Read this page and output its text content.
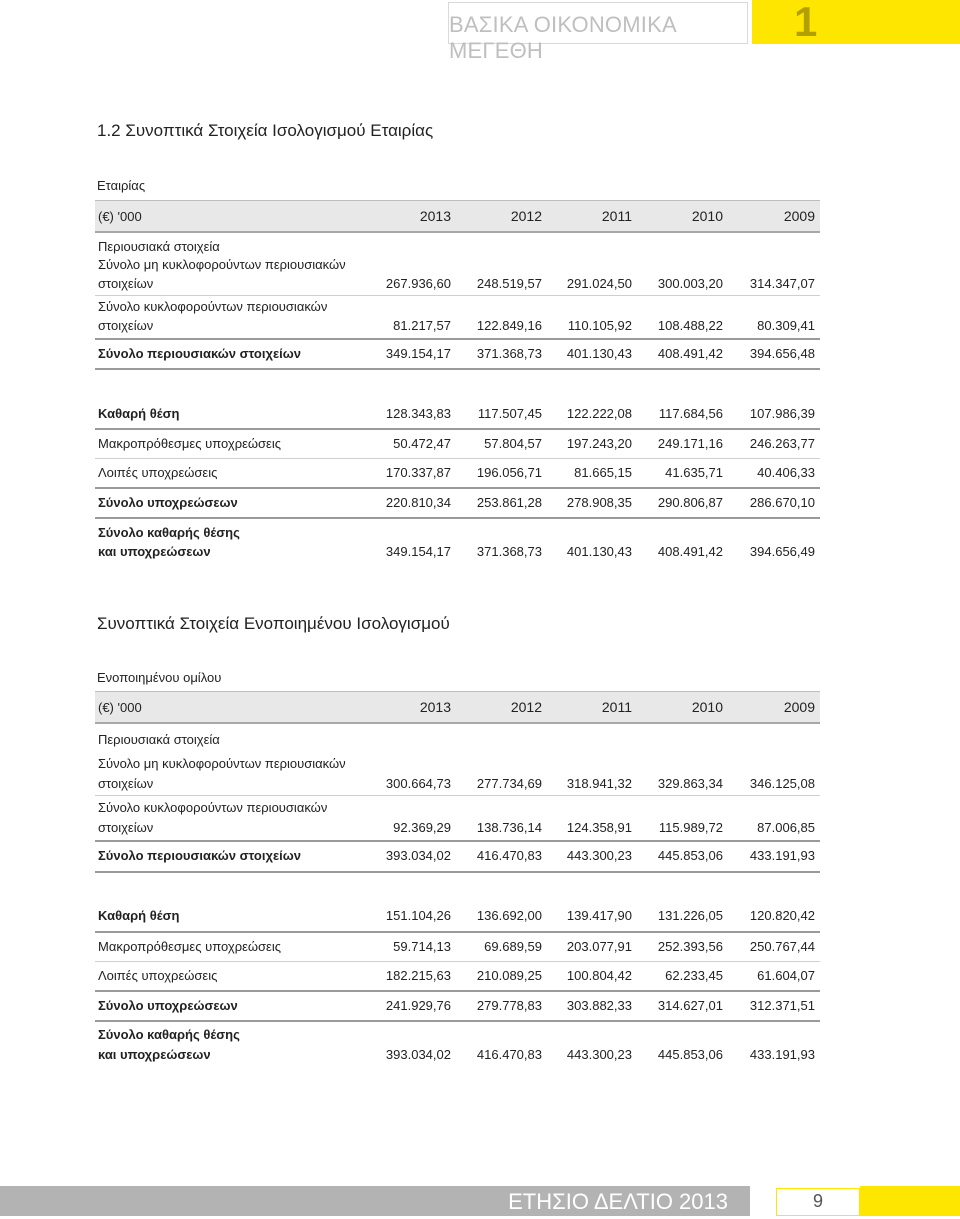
ΒΑΣΙΚΑ ΟΙΚΟΝΟΜΙΚΑ ΜΕΓΕΘΗ
1
1.2 Συνοπτικά Στοιχεία Ισολογισμού Εταιρίας
Εταιρίας
(€) '000	2013	2012	2011	2010	2009
Περιουσιακά στοιχεία
Σύνολο μη κυκλοφορούντων περιουσιακών
στοιχείων	267.936,60	248.519,57	291.024,50	300.003,20	314.347,07
Σύνολο κυκλοφορούντων περιουσιακών
στοιχείων	81.217,57	122.849,16	110.105,92	108.488,22	80.309,41
Σύνολο περιουσιακών στοιχείων	349.154,17	371.368,73	401.130,43	408.491,42	394.656,48
Καθαρή θέση	128.343,83	117.507,45	122.222,08	117.684,56	107.986,39
Μακροπρόθεσμες υποχρεώσεις	50.472,47	57.804,57	197.243,20	249.171,16	246.263,77
Λοιπές υποχρεώσεις	170.337,87	196.056,71	81.665,15	41.635,71	40.406,33
Σύνολο υποχρεώσεων	220.810,34	253.861,28	278.908,35	290.806,87	286.670,10
Σύνολο καθαρής θέσης
και υποχρεώσεων	349.154,17	371.368,73	401.130,43	408.491,42	394.656,49
Συνοπτικά Στοιχεία Ενοποιημένου Ισολογισμού
Ενοποιημένου ομίλου
(€) '000	2013	2012	2011	2010	2009
Περιουσιακά στοιχεία
Σύνολο μη κυκλοφορούντων περιουσιακών
στοιχείων	300.664,73	277.734,69	318.941,32	329.863,34	346.125,08
Σύνολο κυκλοφορούντων περιουσιακών
στοιχείων	92.369,29	138.736,14	124.358,91	115.989,72	87.006,85
Σύνολο περιουσιακών στοιχείων	393.034,02	416.470,83	443.300,23	445.853,06	433.191,93
Καθαρή θέση	151.104,26	136.692,00	139.417,90	131.226,05	120.820,42
Μακροπρόθεσμες υποχρεώσεις	59.714,13	69.689,59	203.077,91	252.393,56	250.767,44
Λοιπές υποχρεώσεις	182.215,63	210.089,25	100.804,42	62.233,45	61.604,07
Σύνολο υποχρεώσεων	241.929,76	279.778,83	303.882,33	314.627,01	312.371,51
Σύνολο καθαρής θέσης
και υποχρεώσεων	393.034,02	416.470,83	443.300,23	445.853,06	433.191,93
ΕΤΗΣΙΟ ΔΕΛΤΙΟ 2013	9
